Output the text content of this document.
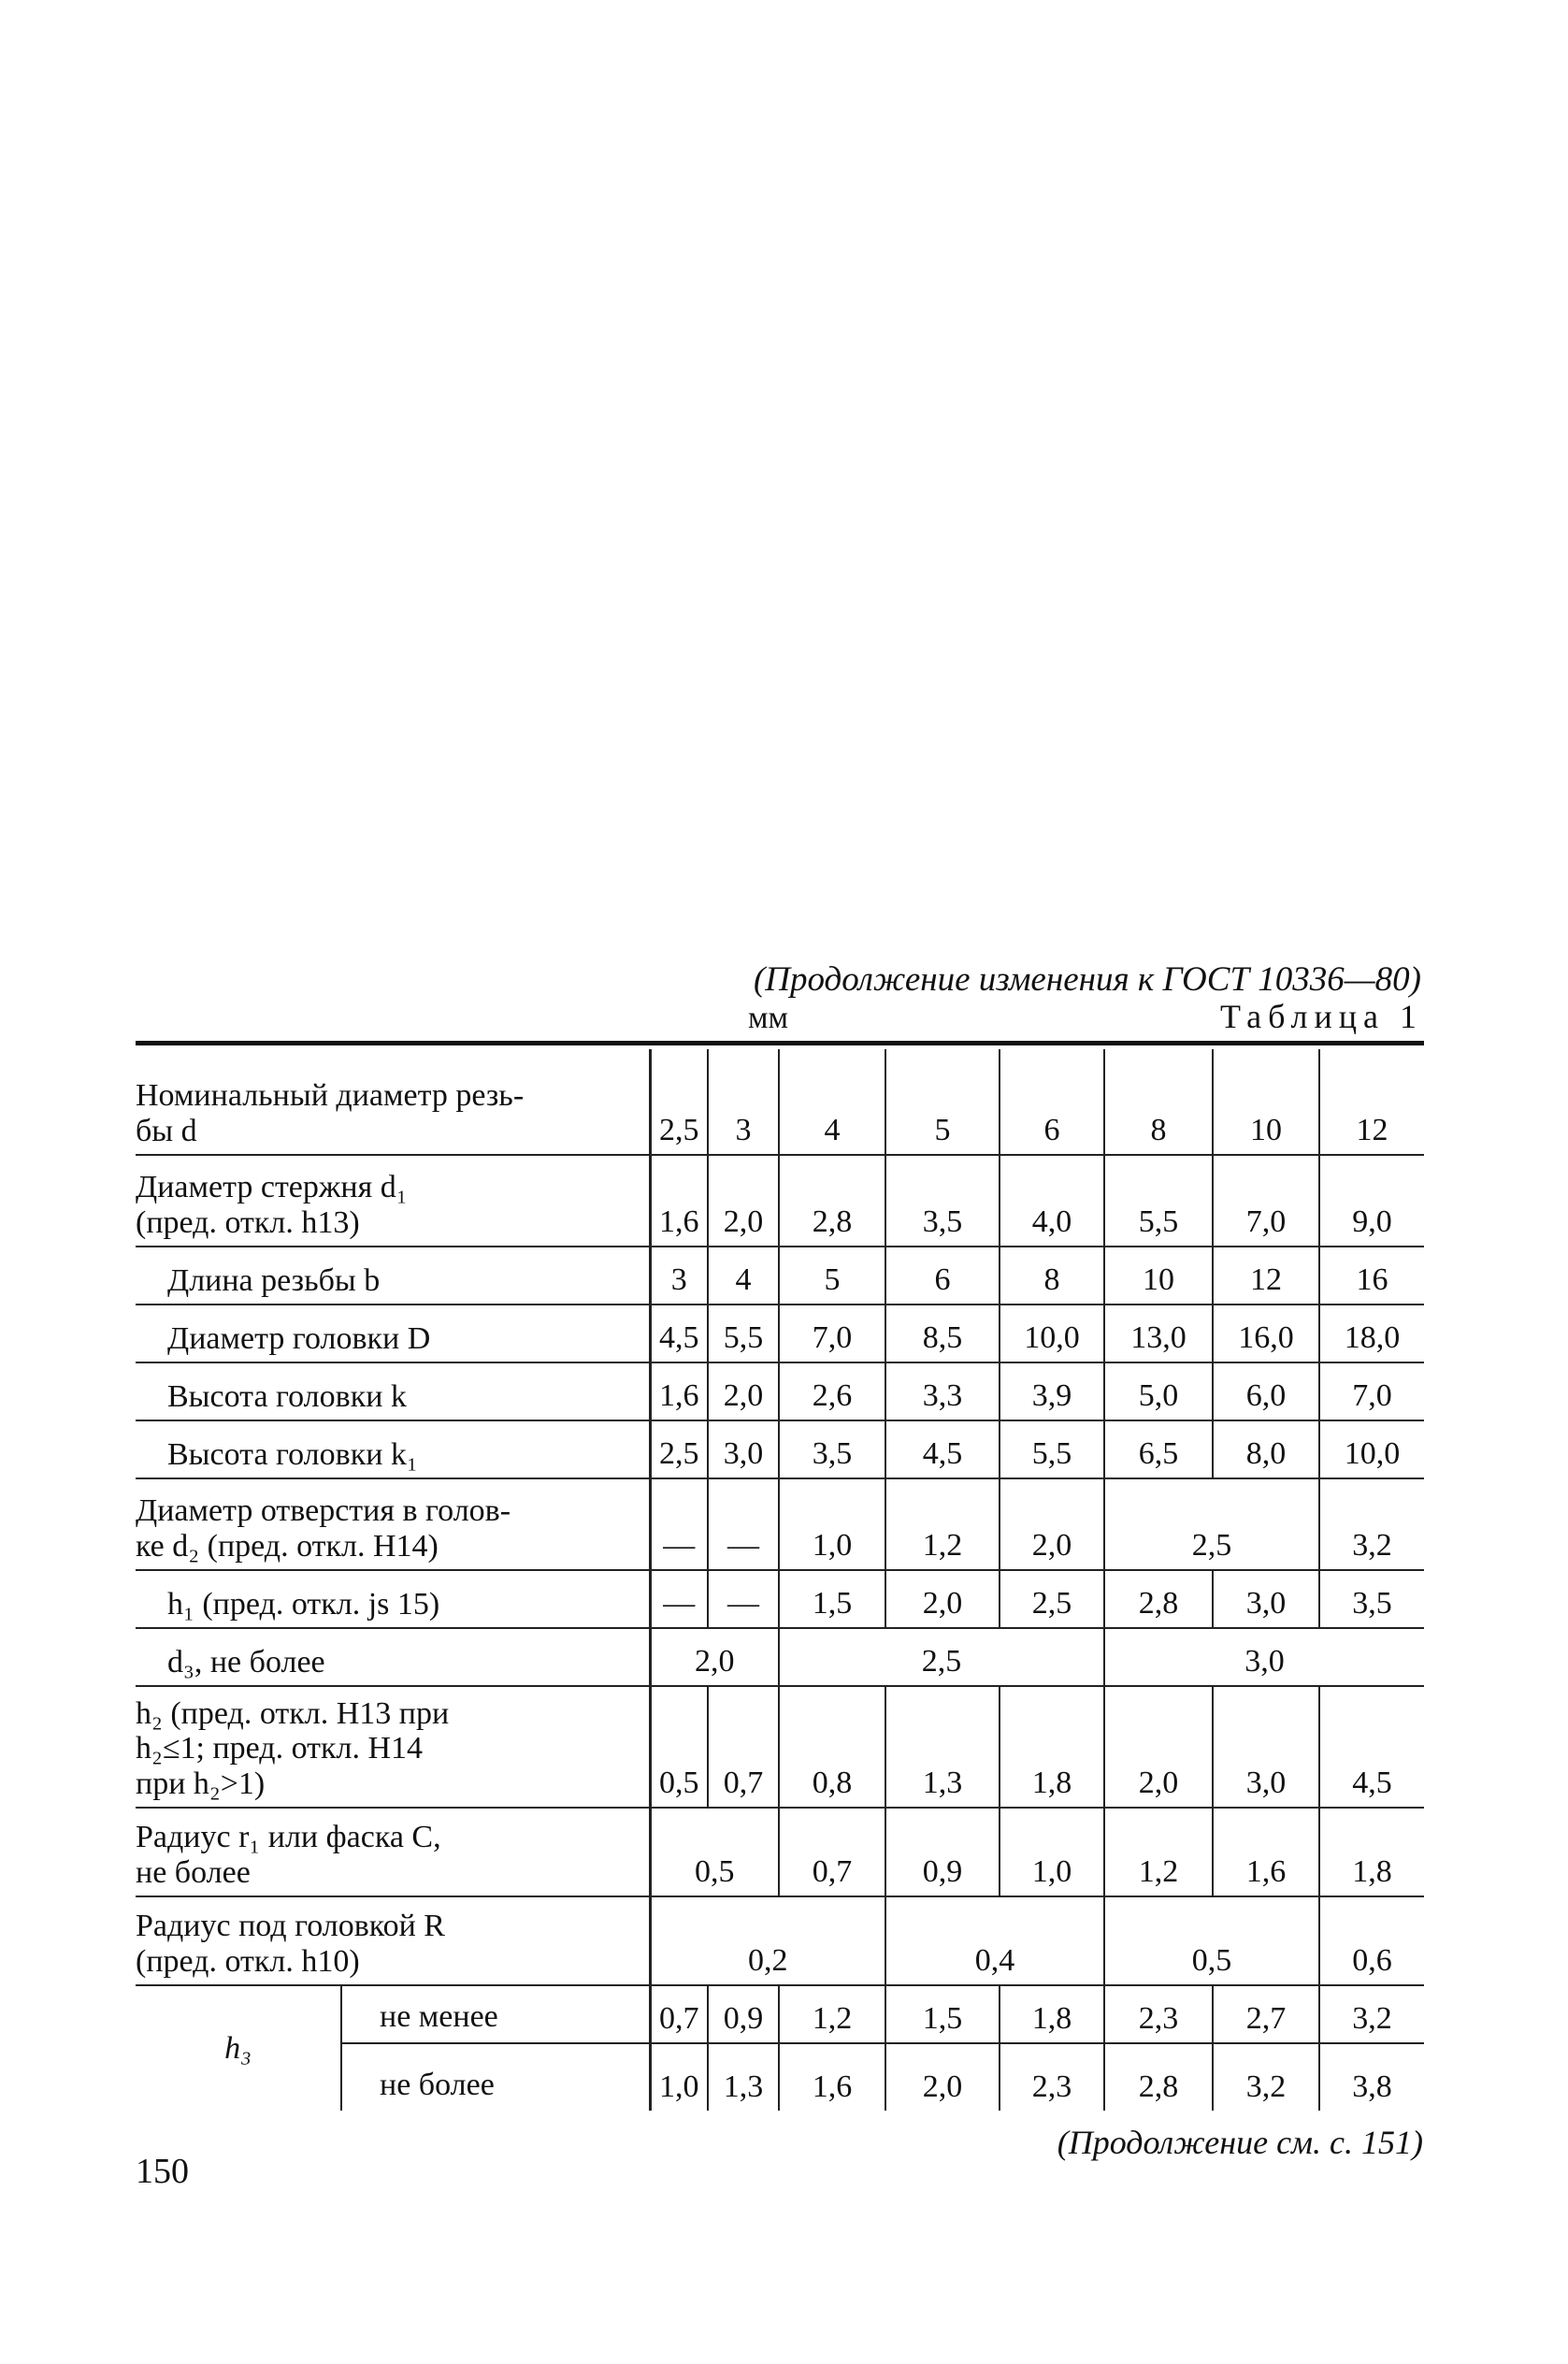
(Продолжение изменения к ГОСТ 10336—80)
мм	Таблица 1
Номинальный диаметр резь-
бы d		2,5	3	4	5	6	8	10	12

Диаметр стержня d₁
(пред. откл. h13)		1,6	2,0	2,8	3,5	4,0	5,5	7,0	9,0

Длина резьбы b		3	4	5	6	8	10	12	16

Диаметр головки D		4,5	5,5	7,0	8,5	10,0	13,0	16,0	18,0

Высота головки k		1,6	2,0	2,6	3,3	3,9	5,0	6,0	7,0

Высота головки k₁		2,5	3,0	3,5	4,5	5,5	6,5	8,0	10,0

Диаметр отверстия в голов-
ке d₂ (пред. откл. H14)		—	—	1,0	1,2	2,0	2,5		3,2

h₁ (пред. откл. js 15)		—	—	1,5	2,0	2,5	2,8	3,0	3,5

d₃, не более		2,0		2,5			3,0		

h₂ (пред. откл. H13 при
h₂≤1; пред. откл. H14
при h₂>1)		0,5	0,7	0,8	1,3	1,8	2,0	3,0	4,5

Радиус r₁ или фаска C,
не более		0,5		0,7	0,9	1,0	1,2	1,6	1,8

Радиус под головкой R
(пред. откл. h10)		0,2			0,4		0,5		0,6
h₃	не менее	0,7	0,9	1,2	1,5	1,8	2,3	2,7	3,2
	не более	1,0	1,3	1,6	2,0	2,3	2,8	3,2	3,8
(Продолжение см. с. 151)
150
